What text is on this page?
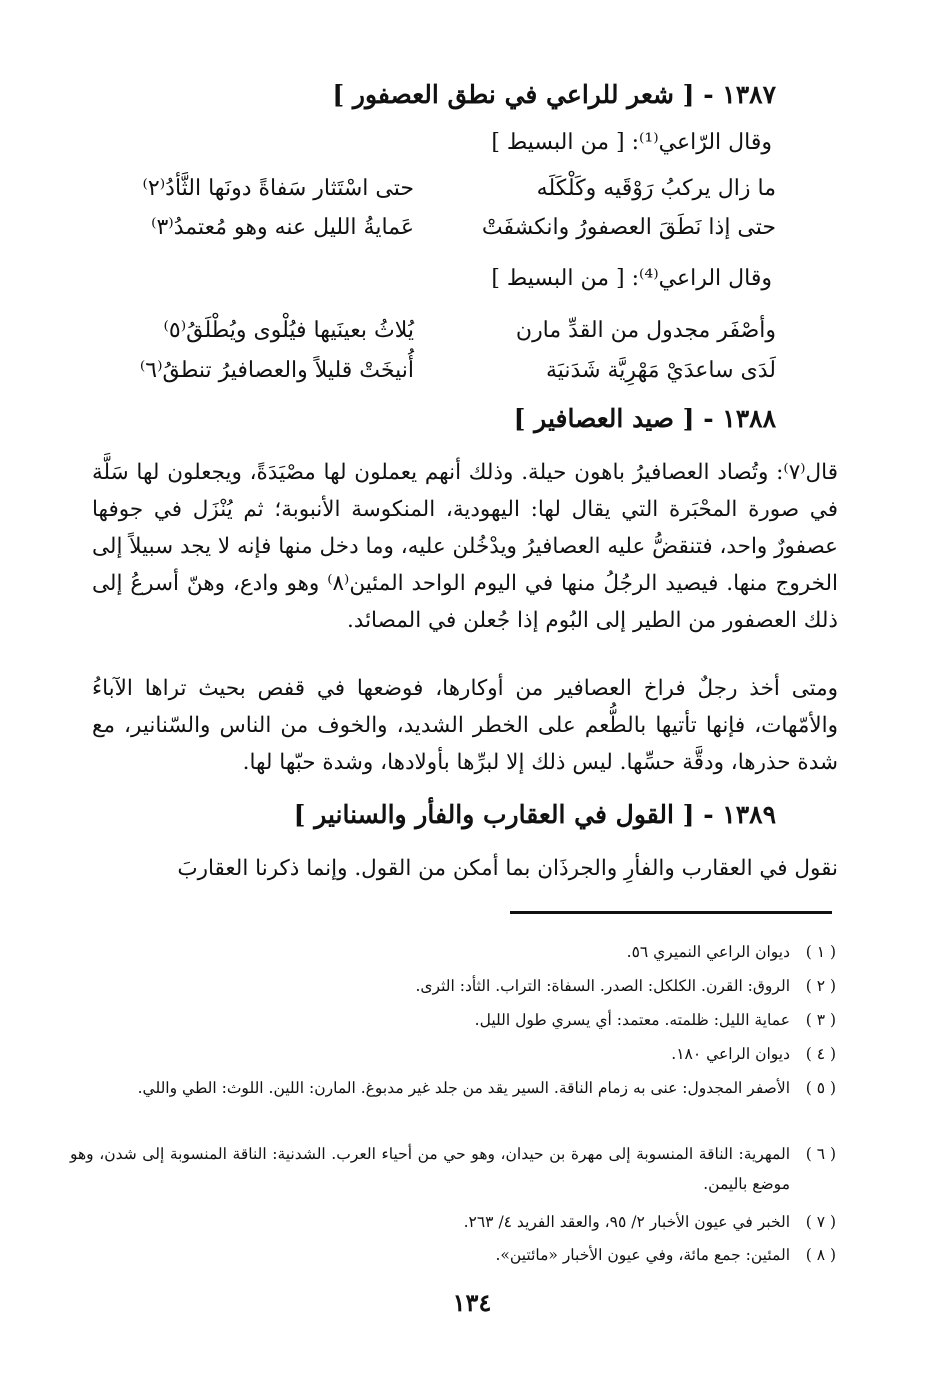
١٣٨٧ - [ شعر للراعي في نطق العصفور ]
وقال الرّاعي⁽¹⁾: [ من البسيط ]
ما زال يركبُ رَوْقَيه وكَلْكَلَه
حتى اسْتَثار سَفاةً دونَها الثَّأدُ⁽٢⁾
حتى إذا نَطَقَ العصفورُ وانكشفَتْ
عَمايةُ الليل عنه وهو مُعتمدُ⁽٣⁾
وقال الراعي⁽⁴⁾: [ من البسيط ]
وأصْفَر مجدول من القدِّ مارن
يُلاثُ بعينَيها فيُلْوى ويُطْلَقُ⁽٥⁾
لَدَى ساعدَيْ مَهْرِيَّة شَدَنيَة
أُنيخَتْ قليلاً والعصافيرُ تنطقُ⁽٦⁾
١٣٨٨ - [ صيد العصافير ]
قال⁽٧⁾: وتُصاد العصافيرُ باهون حيلة. وذلك أنهم يعملون لها مصْيَدَةً، ويجعلون لها سَلَّة في صورة المحْبَرة التي يقال لها: اليهودية، المنكوسة الأنبوبة؛ ثم يُنْزَل في جوفها عصفورٌ واحد، فتنقضُّ عليه العصافيرُ ويدْخُلن عليه، وما دخل منها فإنه لا يجد سبيلاً إلى الخروج منها. فيصيد الرجُلُ منها في اليوم الواحد المئين⁽٨⁾ وهو وادع، وهنّ أسرعُ إلى ذلك العصفور من الطير إلى البُوم إذا جُعلن في المصائد.
ومتى أخذ رجلٌ فراخ العصافير من أوكارها، فوضعها في قفص بحيث تراها الآباءُ والأمّهات، فإنها تأتيها بالطُّعم على الخطر الشديد، والخوف من الناس والسّنانير، مع شدة حذرها، ودقَّة حسِّها. ليس ذلك إلا لبرِّها بأولادها، وشدة حبّها لها.
١٣٨٩ - [ القول في العقارب والفأر والسنانير ]
نقول في العقارب والفأرِ والجرذَان بما أمكن من القول. وإنما ذكرنا العقاربَ
( ١ )
ديوان الراعي النميري ٥٦.
( ٢ )
الروق: القرن. الكلكل: الصدر. السفاة: التراب. الثأد: الثرى.
( ٣ )
عماية الليل: ظلمته. معتمد: أي يسري طول الليل.
( ٤ )
ديوان الراعي ١٨٠.
( ٥ )
الأصفر المجدول: عنى به زمام الناقة. السير يقد من جلد غير مدبوغ. المارن: اللين. اللوث: الطي واللي.
( ٦ )
المهرية: الناقة المنسوبة إلى مهرة بن حيدان، وهو حي من أحياء العرب. الشدنية: الناقة المنسوبة إلى شدن، وهو موضع باليمن.
( ٧ )
الخبر في عيون الأخبار ٢/ ٩٥، والعقد الفريد ٤/ ٢٦٣.
( ٨ )
المئين: جمع مائة، وفي عيون الأخبار «مائتين».
١٣٤
